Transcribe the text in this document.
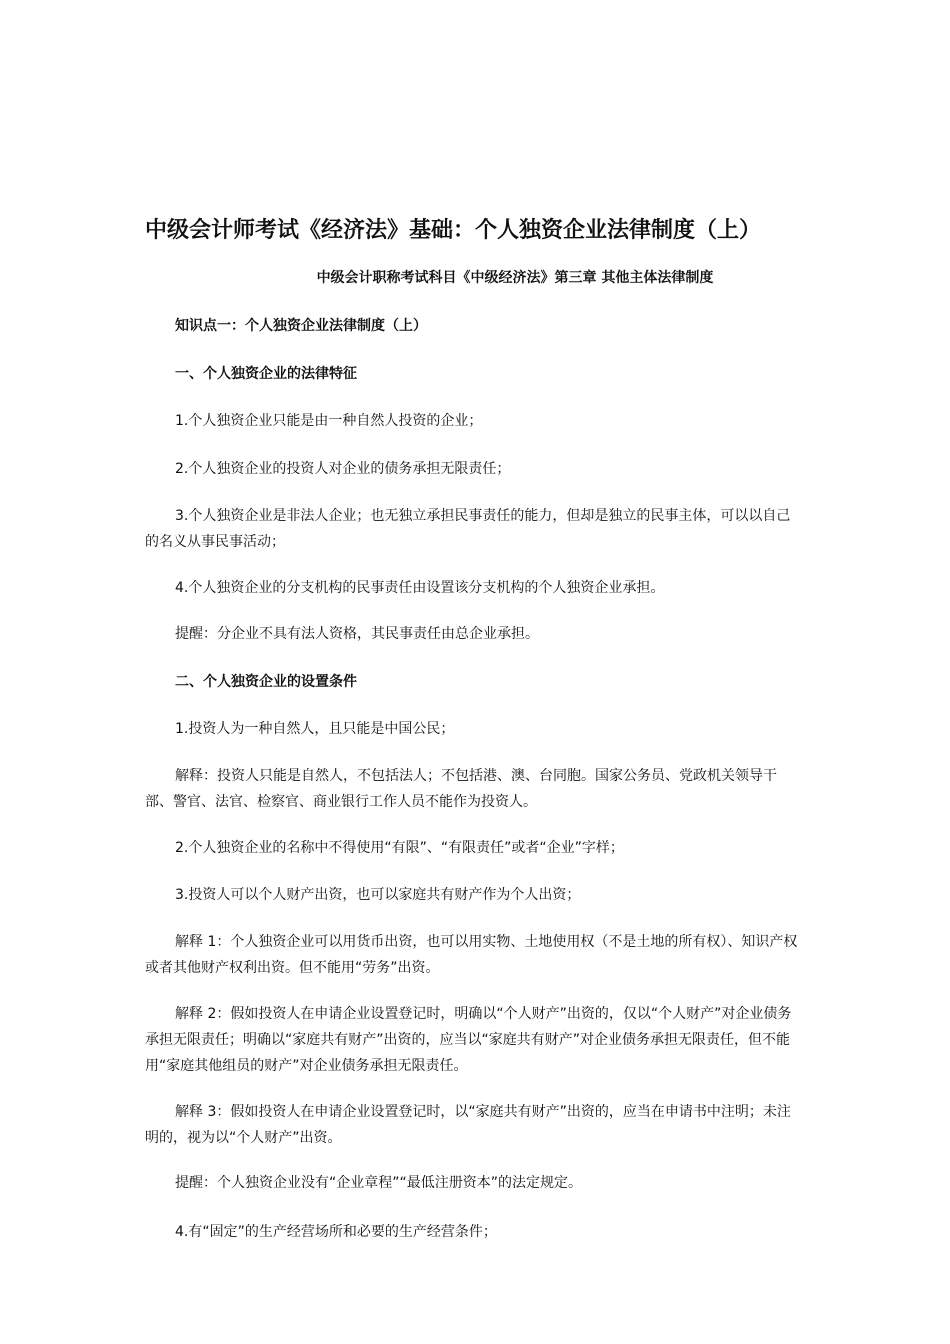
中级会计师考试《经济法》基础：个人独资企业法律制度（上）
中级会计职称考试科目《中级经济法》第三章 其他主体法律制度
知识点一：个人独资企业法律制度（上）
一、个人独资企业的法律特征
1.个人独资企业只能是由一种自然人投资的企业；
2.个人独资企业的投资人对企业的债务承担无限责任；
3.个人独资企业是非法人企业；也无独立承担民事责任的能力，但却是独立的民事主体，可以以自己的名义从事民事活动；
4.个人独资企业的分支机构的民事责任由设置该分支机构的个人独资企业承担。
提醒：分企业不具有法人资格，其民事责任由总企业承担。
二、个人独资企业的设置条件
1.投资人为一种自然人，且只能是中国公民；
解释：投资人只能是自然人，不包括法人；不包括港、澳、台同胞。国家公务员、党政机关领导干部、警官、法官、检察官、商业银行工作人员不能作为投资人。
2.个人独资企业的名称中不得使用“有限”、“有限责任”或者“企业”字样；
3.投资人可以个人财产出资，也可以家庭共有财产作为个人出资；
解释 1：个人独资企业可以用货币出资，也可以用实物、土地使用权（不是土地的所有权）、知识产权或者其他财产权利出资。但不能用“劳务”出资。
解释 2：假如投资人在申请企业设置登记时，明确以“个人财产”出资的，仅以“个人财产”对企业债务承担无限责任；明确以“家庭共有财产”出资的，应当以“家庭共有财产”对企业债务承担无限责任，但不能用“家庭其他组员的财产”对企业债务承担无限责任。
解释 3：假如投资人在申请企业设置登记时，以“家庭共有财产”出资的，应当在申请书中注明；未注明的，视为以“个人财产”出资。
提醒：个人独资企业没有“企业章程”“最低注册资本”的法定规定。
4.有“固定”的生产经营场所和必要的生产经营条件；
